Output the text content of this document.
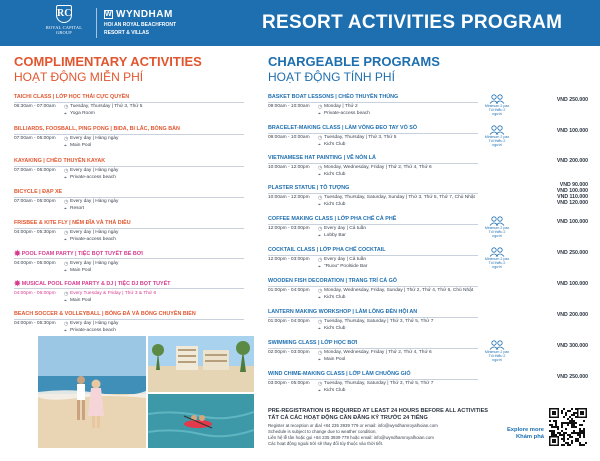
RC
ROYAL CAPITAL GROUP
W WYNDHAM
HOI AN ROYAL BEACHFRONT
RESORT & VILLAS	RESORT ACTIVITIES PROGRAM
COMPLIMENTARY ACTIVITIES
HOẠT ĐỘNG MIỄN PHÍ
TAICHI CLASS | LỚP HỌC THÁI CỰC QUYỀN
06:30am - 07:00am	◷ Tuesday, Thursday | Thứ 3, Thứ 5
⌖ Yoga Room
BILLIARDS, FOOSBALL, PING PONG | BIDA, BI LẮC, BÓNG BÀN
07:00am - 05:00pm	◷ Every day | Hàng ngày
⌖ Main Pool
KAYAKING | CHÈO THUYỀN KAYAK
07:00am - 05:00pm	◷ Every day | Hàng ngày
⌖ Private-access beach
BICYCLE | ĐẠP XE
07:00am - 05:00pm	◷ Every day | Hàng ngày
⌖ Resort
FRISBEE & KITE FLY | NÉM ĐĨA VÀ THẢ DIỀU
04:00pm - 05:30pm	◷ Every day | Hàng ngày
⌖ Private-access beach
✸POOL FOAM PARTY | TIỆC BỌT TUYẾT BỂ BƠI
04:00pm - 05:00pm	◷ Every day | Hàng ngày
⌖ Main Pool
✸MUSICAL POOL FOAM PARTY & DJ | TIỆC DJ BỌT TUYẾT
04:00pm - 06:00pm	◷ Every Tuesday & Friday | Thứ 3 & Thứ 6
⌖ Main Pool
BEACH SOCCER & VOLLEYBALL | BÓNG ĐÁ VÀ BÓNG CHUYỀN BIỂN
04:00pm - 05:30pm	◷ Every day | Hàng ngày
⌖ Private-access beach
CHARGEABLE PROGRAMS
HOẠT ĐỘNG TÍNH PHÍ
BASKET BOAT LESSONS | CHÈO THUYỀN THÚNG
09:00am - 10:00am	◷ Monday | Thứ 2
⌖ Private-access beach
VND 250.000
Minimum 2 pax
Tối thiểu 2 người
BRACELET-MAKING CLASS | LÀM VÒNG ĐEO TAY VỎ SÒ
09:00am - 10:00am	◷ Tuesday, Thursday | Thứ 3, Thứ 5
⌖ Kid's Club
VND 100.000
Minimum 2 pax
Tối thiểu 2 người
VIETNAMESE HAT PAINTING | VẼ NÓN LÁ
10:00am - 12:00pm	◷ Monday, Wednesday, Friday | Thứ 2, Thứ 4, Thứ 6
⌖ Kid's Club
VND 200.000
PLASTER STATUE | TÔ TƯỢNG
10:00am - 12:00pm	◷ Tuesday, Thursday, Saturday, Sunday | Thứ 3, Thứ 5, Thứ 7, Chủ Nhật
⌖ Kid's Club
VND 90.000
VND 100.000
VND 110.000
VND 120.000
COFFEE MAKING CLASS | LỚP PHA CHẾ CÀ PHÊ
12:00pm - 03:00pm	◷ Every day | Cả tuần
⌖ Lobby Bar
VND 100.000
Minimum 2 pax
Tối thiểu 2 người
COCKTAIL CLASS | LỚP PHA CHẾ COCKTAIL
12:00pm - 03:00pm	◷ Every day | Cả tuần
⌖ "Ruou" Poolside Bar
VND 250.000
Minimum 2 pax
Tối thiểu 2 người
WOODEN FISH DECORATION | TRANG TRÍ CÁ GỖ
01:00pm - 04:00pm	◷ Monday, Wednesday, Friday, Sunday | Thứ 2, Thứ 4, Thứ 6, Chủ Nhật
⌖ Kid's Club
VND 100.000
LANTERN MAKING WORKSHOP | LÀM LỒNG ĐÈN HỘI AN
01:00pm - 04:00pm	◷ Tuesday, Thursday, Saturday | Thứ 3, Thứ 5, Thứ 7
⌖ Kid's Club
VND 200.000
SWIMMING CLASS | LỚP HỌC BƠI
02:00pm - 03:00pm	◷ Monday, Wednesday, Friday | Thứ 2, Thứ 4, Thứ 6
⌖ Main Pool
VND 300.000
Minimum 2 pax
Tối thiểu 2 người
WIND CHIME-MAKING CLASS | LỚP LÀM CHUÔNG GIÓ
03:00pm - 05:00pm	◷ Tuesday, Thursday, Saturday | Thứ 3, Thứ 5, Thứ 7
⌖ Kid's Club
VND 250.000
PRE-REGISTRATION IS REQUIRED AT LEAST 24 HOURS BEFORE ALL ACTIVITIES
TẤT CẢ CÁC HOẠT ĐỘNG CẦN ĐĂNG KÝ TRƯỚC 24 TIẾNG
Register at reception or dial +84 235 3939 779 or email: info@wyndhamroyalhoian.com
Schedule is subject to change due to weather condition.
Liên hệ lễ tân hoặc gọi +84 235 3939 779 hoặc email: info@wyndhamroyalhoian.com
Các hoạt động ngoài trời sẽ thay đổi tùy thuộc vào thời tiết.
Explore more
Khám phá
